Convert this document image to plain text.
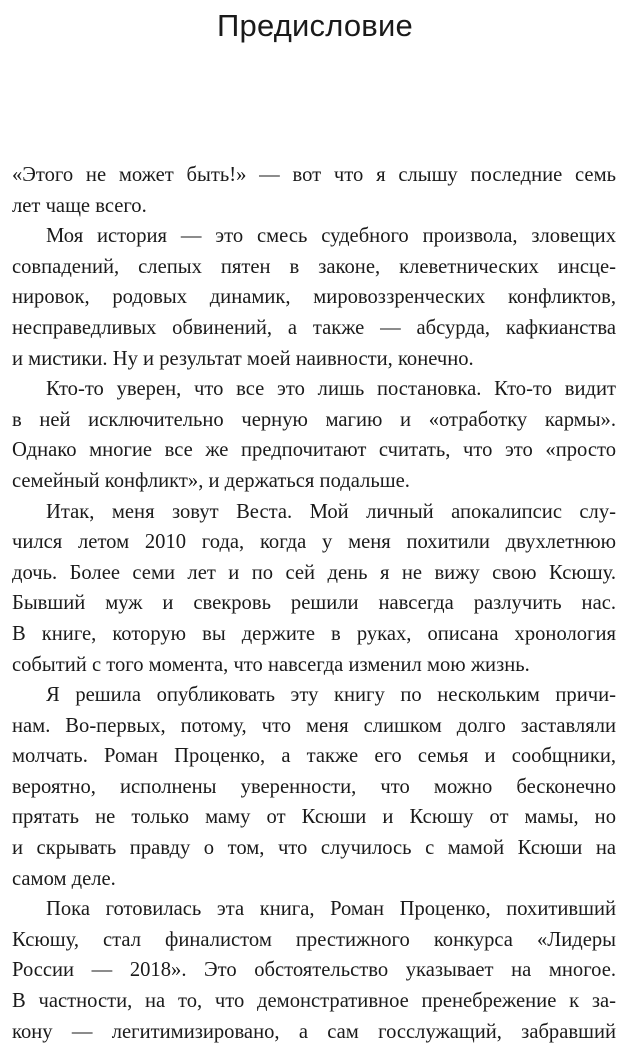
Предисловие
«Этого не может быть!» — вот что я слышу последние семь
лет чаще всего.
Моя история — это смесь судебного произвола, зловещих
совпадений, слепых пятен в законе, клеветнических инсце-
нировок, родовых динамик, мировоззренческих конфликтов,
несправедливых обвинений, а также — абсурда, кафкианства
и мистики. Ну и результат моей наивности, конечно.
Кто-то уверен, что все это лишь постановка. Кто-то видит
в ней исключительно черную магию и «отработку кармы».
Однако многие все же предпочитают считать, что это «просто
семейный конфликт», и держаться подальше.
Итак, меня зовут Веста. Мой личный апокалипсис слу-
чился летом 2010 года, когда у меня похитили двухлетнюю
дочь. Более семи лет и по сей день я не вижу свою Ксюшу.
Бывший муж и свекровь решили навсегда разлучить нас.
В книге, которую вы держите в руках, описана хронология
событий с того момента, что навсегда изменил мою жизнь.
Я решила опубликовать эту книгу по нескольким причи-
нам. Во-первых, потому, что меня слишком долго заставляли
молчать. Роман Проценко, а также его семья и сообщники,
вероятно, исполнены уверенности, что можно бесконечно
прятать не только маму от Ксюши и Ксюшу от мамы, но
и скрывать правду о том, что случилось с мамой Ксюши на
самом деле.
Пока готовилась эта книга, Роман Проценко, похитивший
Ксюшу, стал финалистом престижного конкурса «Лидеры
России — 2018». Это обстоятельство указывает на многое.
В частности, на то, что демонстративное пренебрежение к за-
кону — легитимизировано, а сам госслужащий, забравший
